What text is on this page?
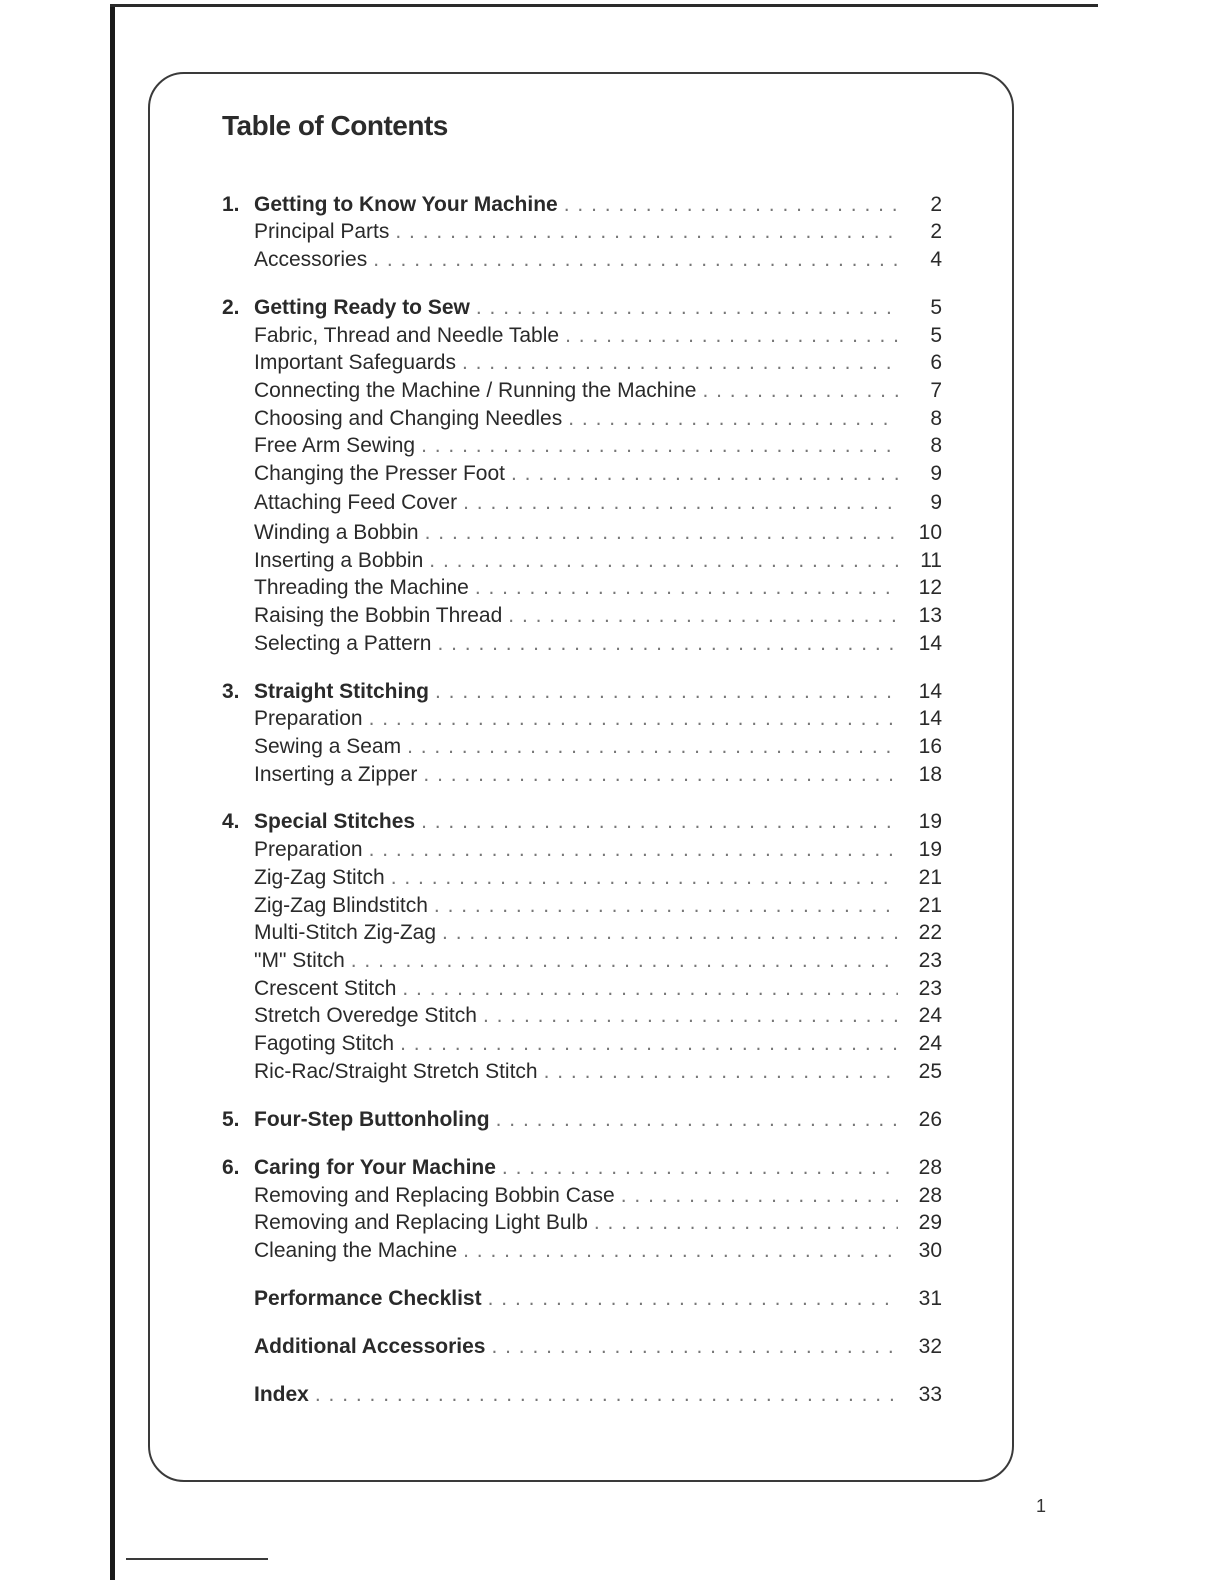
Table of Contents
1. Getting to Know Your Machine . . .	2
Principal Parts . . .	2
Accessories . . .	4
2. Getting Ready to Sew . . .	5
Fabric, Thread and Needle Table . . .	5
Important Safeguards . . .	6
Connecting the Machine / Running the Machine . . .	7
Choosing and Changing Needles . . .	8
Free Arm Sewing . . .	8
Changing the Presser Foot . . .	9
Attaching Feed Cover . . .	9
Winding a Bobbin . . .	10
Inserting a Bobbin . . .	11
Threading the Machine . . .	12
Raising the Bobbin Thread . . .	13
Selecting a Pattern . . .	14
3. Straight Stitching . . .	14
Preparation . . .	14
Sewing a Seam . . .	16
Inserting a Zipper . . .	18
4. Special Stitches . . .	19
Preparation . . .	19
Zig-Zag Stitch . . .	21
Zig-Zag Blindstitch . . .	21
Multi-Stitch Zig-Zag . . .	22
"M" Stitch . . .	23
Crescent Stitch . . .	23
Stretch Overedge Stitch . . .	24
Fagoting Stitch . . .	24
Ric-Rac/Straight Stretch Stitch . . .	25
5. Four-Step Buttonholing . . .	26
6. Caring for Your Machine . . .	28
Removing and Replacing Bobbin Case . . .	28
Removing and Replacing Light Bulb . . .	29
Cleaning the Machine . . .	30
Performance Checklist . . .	31
Additional Accessories . . .	32
Index . . .	33
1
